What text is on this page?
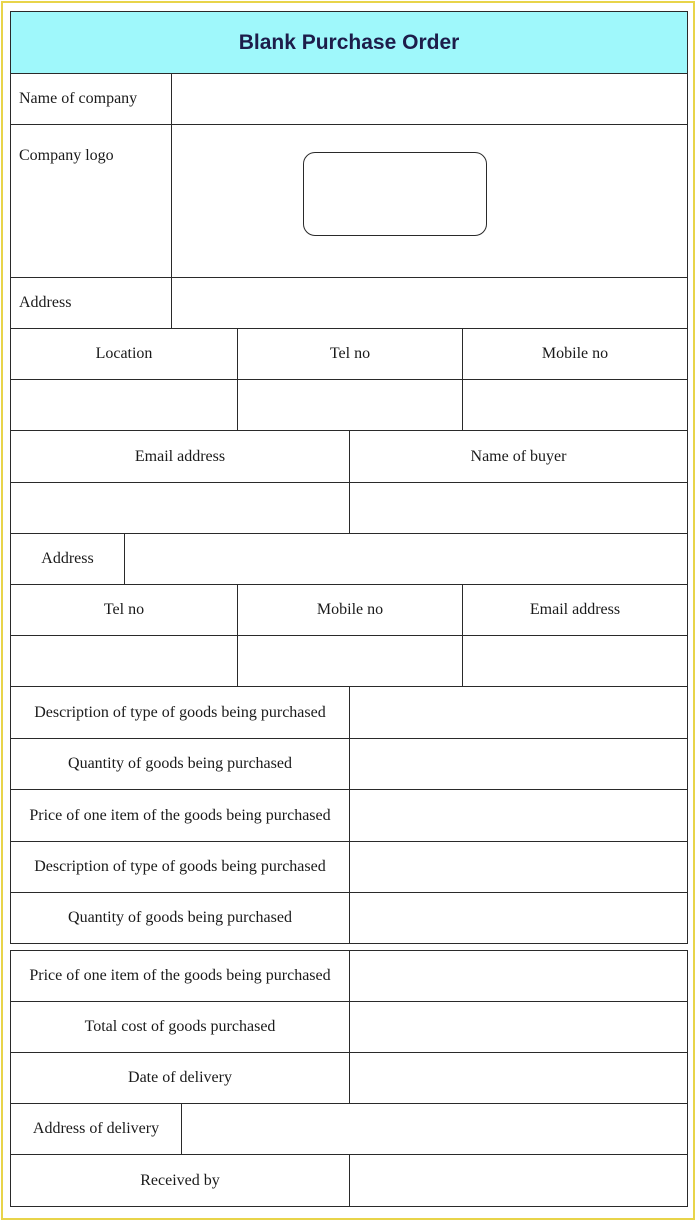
Blank Purchase Order
Name of company
Company logo
Address
Location	Tel no	Mobile no
Email address	Name of buyer
Address
Tel no	Mobile no	Email address
Description of type of goods being purchased
Quantity of goods being purchased
Price of one item of the goods being purchased
Description of type of goods being purchased
Quantity of goods being purchased
Price of one item of the goods being purchased
Total cost of goods purchased
Date of delivery
Address of delivery
Received by
